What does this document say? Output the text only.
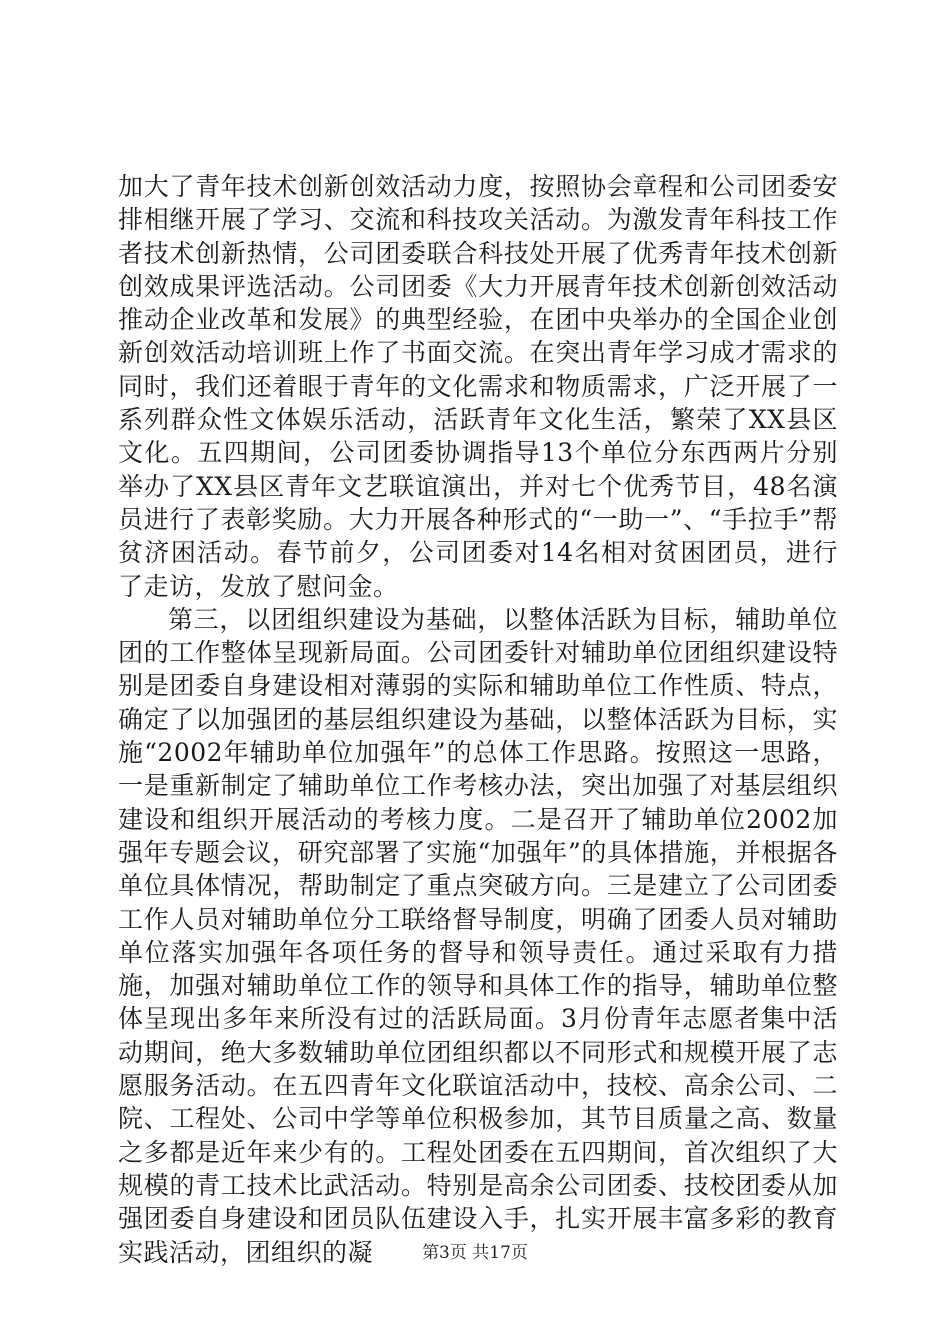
加大了青年技术创新创效活动力度，按照协会章程和公司团委安排相继开展了学习、交流和科技攻关活动。为激发青年科技工作者技术创新热情，公司团委联合科技处开展了优秀青年技术创新创效成果评选活动。公司团委《大力开展青年技术创新创效活动推动企业改革和发展》的典型经验，在团中央举办的全国企业创新创效活动培训班上作了书面交流。在突出青年学习成才需求的同时，我们还着眼于青年的文化需求和物质需求，广泛开展了一系列群众性文体娱乐活动，活跃青年文化生活，繁荣了XX县区文化。五四期间，公司团委协调指导13个单位分东西两片分别举办了XX县区青年文艺联谊演出，并对七个优秀节目，48名演员进行了表彰奖励。大力开展各种形式的“一助一”、“手拉手”帮贫济困活动。春节前夕，公司团委对14名相对贫困团员，进行了走访，发放了慰问金。

第三，以团组织建设为基础，以整体活跃为目标，辅助单位团的工作整体呈现新局面。公司团委针对辅助单位团组织建设特别是团委自身建设相对薄弱的实际和辅助单位工作性质、特点，确定了以加强团的基层组织建设为基础，以整体活跃为目标，实施“2002年辅助单位加强年”的总体工作思路。按照这一思路，一是重新制定了辅助单位工作考核办法，突出加强了对基层组织建设和组织开展活动的考核力度。二是召开了辅助单位2002加强年专题会议，研究部署了实施“加强年”的具体措施，并根据各单位具体情况，帮助制定了重点突破方向。三是建立了公司团委工作人员对辅助单位分工联络督导制度，明确了团委人员对辅助单位落实加强年各项任务的督导和领导责任。通过采取有力措施，加强对辅助单位工作的领导和具体工作的指导，辅助单位整体呈现出多年来所没有过的活跃局面。3月份青年志愿者集中活动期间，绝大多数辅助单位团组织都以不同形式和规模开展了志愿服务活动。在五四青年文化联谊活动中，技校、高余公司、二院、工程处、公司中学等单位积极参加，其节目质量之高、数量之多都是近年来少有的。工程处团委在五四期间，首次组织了大规模的青工技术比武活动。特别是高余公司团委、技校团委从加强团委自身建设和团员队伍建设入手，扎实开展丰富多彩的教育实践活动，团组织的凝	第3页 共17页
